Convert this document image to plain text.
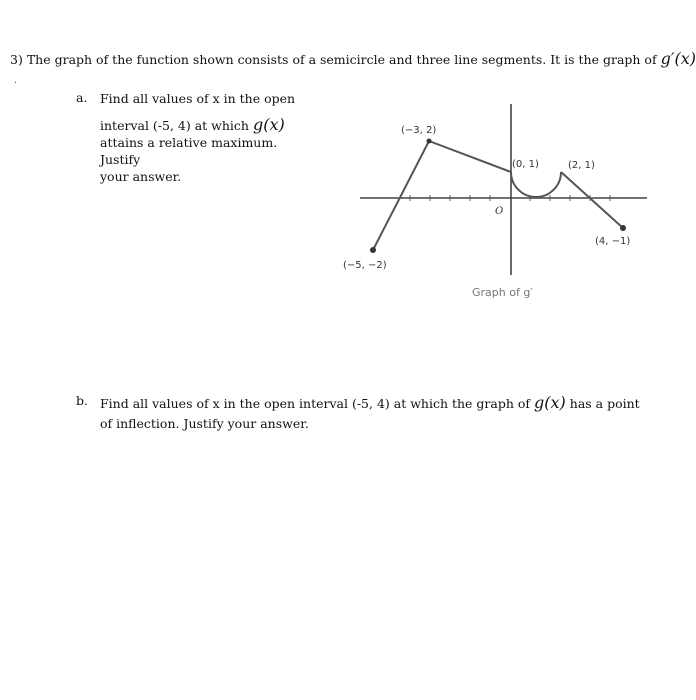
3) The graph of the function shown consists of a semicircle and three line segments. It is the graph of g′(x)
·
a. Find all values of x in the open
interval (-5, 4) at which g(x)
attains a relative maximum. Justify
your answer.
(−3, 2)
(0, 1)	(2, 1)
(4, −1)
(−5, −2)
O
Graph of g′
b. Find all values of x in the open interval (-5, 4) at which the graph of g(x) has a point of inflection. Justify your answer.
